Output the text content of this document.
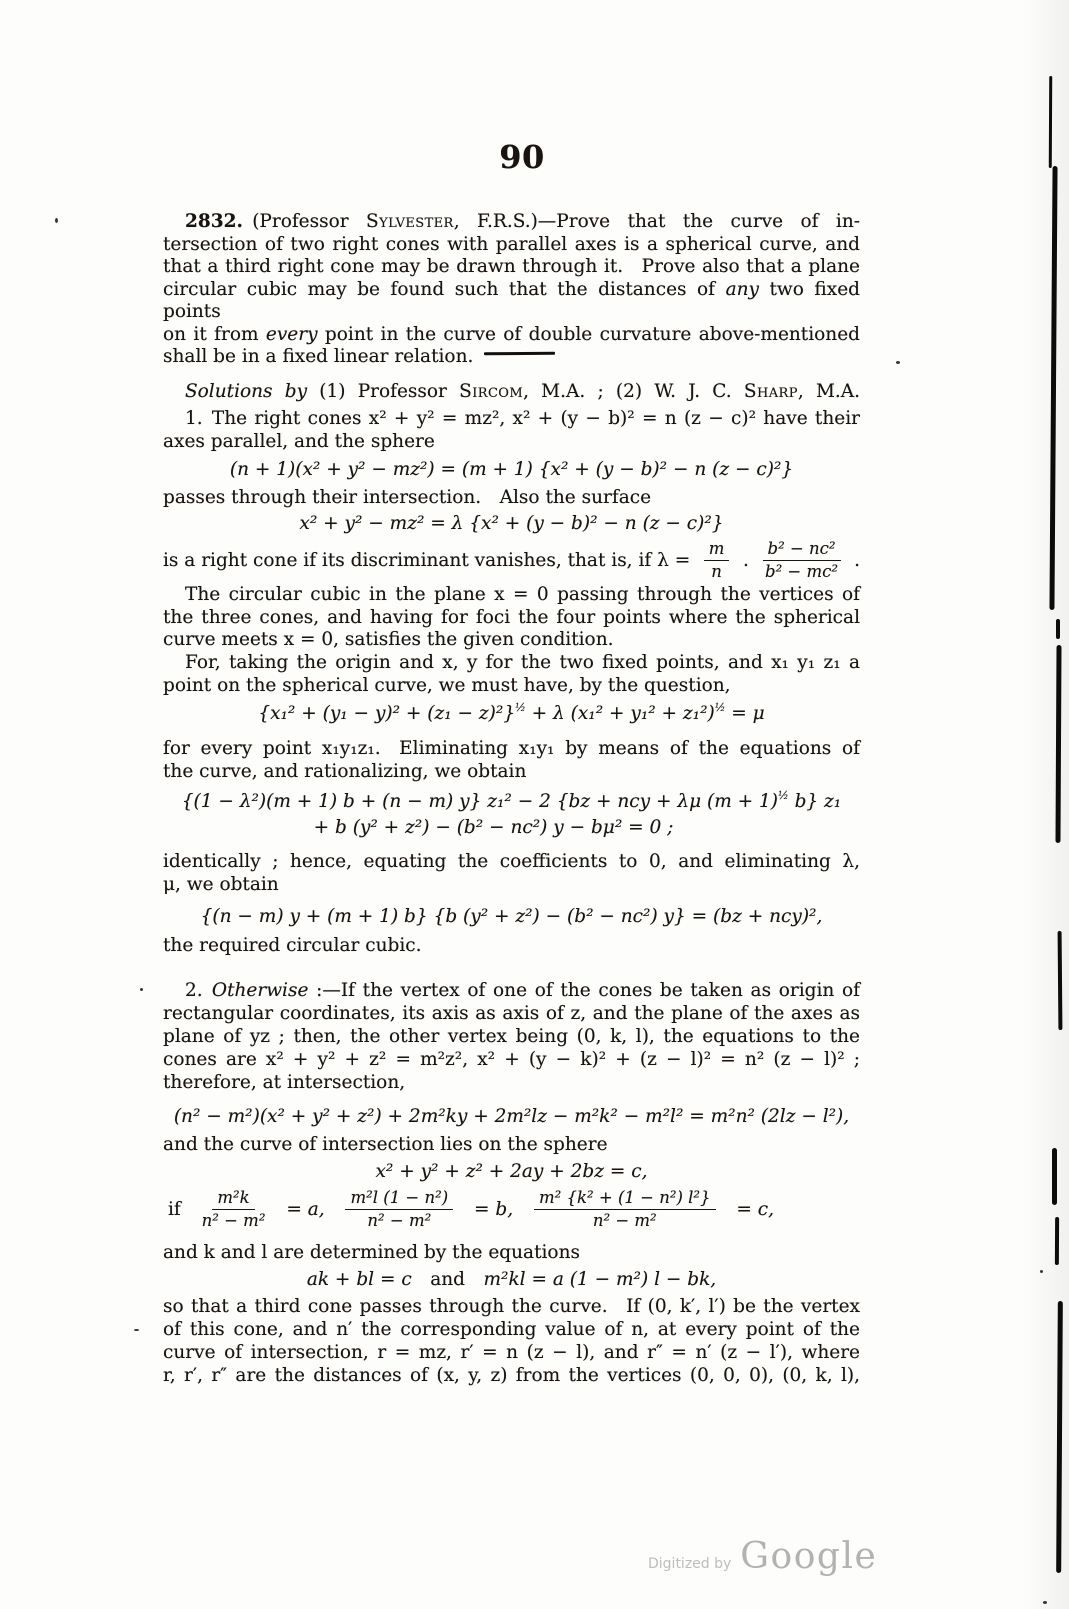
90
2832. (Professor Sylvester, F.R.S.)—Prove that the curve of in-
tersection of two right cones with parallel axes is a spherical curve, and
that a third right cone may be drawn through it. Prove also that a plane
circular cubic may be found such that the distances of any two fixed points
on it from every point in the curve of double curvature above-mentioned
shall be in a fixed linear relation.
Solutions by (1) Professor Sircom, M.A. ; (2) W. J. C. Sharp, M.A.
1. The right cones x² + y² = mz², x² + (y − b)² = n (z − c)² have their
axes parallel, and the sphere
(n + 1)(x² + y² − mz²) = (m + 1) {x² + (y − b)² − n (z − c)²}
passes through their intersection. Also the surface
x² + y² − mz² = λ {x² + (y − b)² − n (z − c)²}
is a right cone if its discriminant vanishes, that is, if $\lambda = \frac{m}{n}$ . $\frac{\text{b² − nc²}}{\text{b² − mc²}}$ .
The circular cubic in the plane x = 0 passing through the vertices of
the three cones, and having for foci the four points where the spherical
curve meets x = 0, satisfies the given condition.
For, taking the origin and x, y for the two fixed points, and x₁ y₁ z₁ a
point on the spherical curve, we must have, by the question,
$\{x_1^2 + (y_1 - y)^2 + (z_1 - z)^2\}^{\frac{1}{2}} + \lambda$ $(x_1^2 + y_1^2 + z_1^2)^{\frac{1}{2}} = \mu$
for every point x₁y₁z₁. Eliminating x₁y₁ by means of the equations of
the curve, and rationalizing, we obtain
{(1 − λ²)(m + 1) b + (n − m) y} z₁² − 2 {bz + ncy + λμ $(m + 1)^{\frac{1}{2}}$ b} z₁
+ b (y² + z²) − (b² − nc²) y − bμ² = 0 ;
identically ; hence, equating the coefficients to 0, and eliminating λ,
μ, we obtain
{(n − m) y + (m + 1) b} {b (y² + z²) − (b² − nc²) y} = (bz + ncy)²,
the required circular cubic.
2. Otherwise :—If the vertex of one of the cones be taken as origin of
rectangular coordinates, its axis as axis of z, and the plane of the axes as
plane of yz ; then, the other vertex being (0, k, l), the equations to the
cones are x² + y² + z² = m²z², x² + (y − k)² + (z − l)² = n² (z − l)² ;
therefore, at intersection,
(n² − m²)(x² + y² + z²) + 2m²ky + 2m²lz − m²k² − m²l² = m²n² (2lz − l²),
and the curve of intersection lies on the sphere
x² + y² + z² + 2ay + 2bz = c,
if $\frac{\text{m²k}}{\text{n² − m²}} = a$, $\frac{\text{m²l (1 − n²)}}{\text{n² − m²}} = b$, $\frac{\text{m² \{k² + (1 − n²) l²\}}}{\text{n² − m²}} = c$,
and k and l are determined by the equations
ak + bl = c and m²kl = a (1 − m²) l − bk,
so that a third cone passes through the curve. If (0, k′, l′) be the vertex
of this cone, and n′ the corresponding value of n, at every point of the
curve of intersection, r = mz, r′ = n (z − l), and r″ = n′ (z − l′), where
r, r′, r″ are the distances of (x, y, z) from the vertices (0, 0, 0), (0, k, l),
Digitized by Google
